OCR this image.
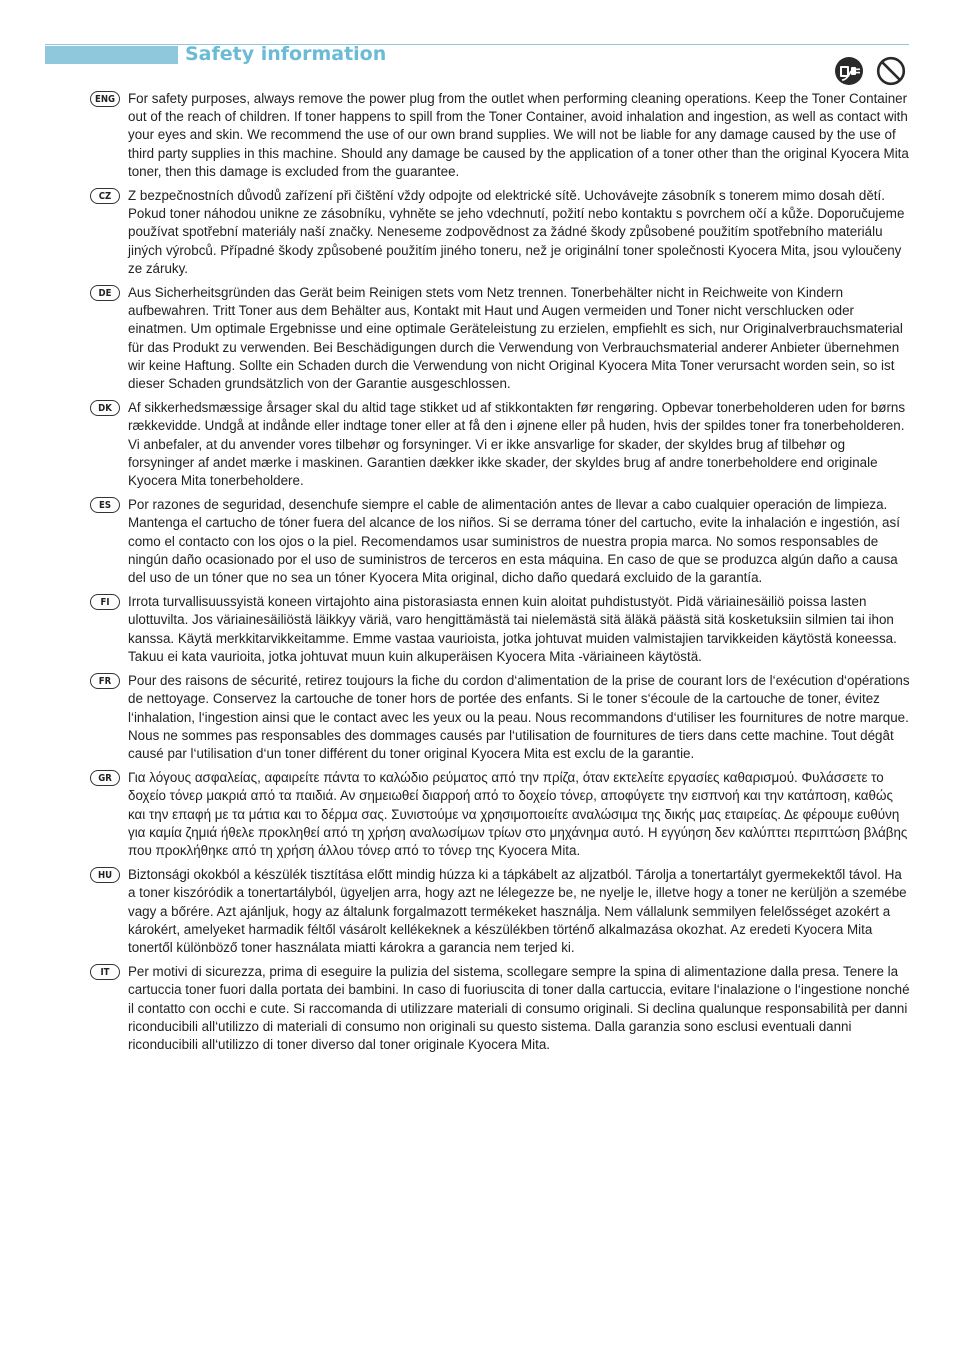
Safety information
ENG For safety purposes, always remove the power plug from the outlet when performing cleaning operations. Keep the Toner Container out of the reach of children. If toner happens to spill from the Toner Container, avoid inhalation and ingestion, as well as contact with your eyes and skin. We recommend the use of our own brand supplies. We will not be liable for any damage caused by the use of third party supplies in this machine. Should any damage be caused by the application of a toner other than the original Kyocera Mita toner, then this damage is excluded from the guarantee.

CZ	Z bezpečnostních důvodů zařízení při čištění vždy odpojte od elektrické sítě. Uchovávejte zásobník s tonerem mimo dosah dětí. Pokud toner náhodou unikne ze zásobníku, vyhněte se jeho vdechnutí, požití nebo kontaktu s povrchem očí a kůže. Doporučujeme používat spotřební materiály naší značky. Neneseme zodpovědnost za žádné škody způsobené použitím spotřebního materiálu jiných výrobců. Případné škody způsobené použitím jiného toneru, než je originální toner společnosti Kyocera Mita, jsou vyloučeny ze záruky.

DE	Aus Sicherheitsgründen das Gerät beim Reinigen stets vom Netz trennen. Tonerbehälter nicht in Reichweite von Kindern aufbewahren. Tritt Toner aus dem Behälter aus, Kontakt mit Haut und Augen vermeiden und Toner nicht verschlucken oder einatmen. Um optimale Ergebnisse und eine optimale Geräteleistung zu erzielen, empfiehlt es sich, nur Originalverbrauchsmaterial für das Produkt zu verwenden. Bei Beschädigungen durch die Verwendung von Verbrauchsmaterial anderer Anbieter übernehmen wir keine Haftung. Sollte ein Schaden durch die Verwendung von nicht Original Kyocera Mita Toner verursacht worden sein, so ist dieser Schaden grundsätzlich von der Garantie ausgeschlossen.

DK	Af sikkerhedsmæssige årsager skal du altid tage stikket ud af stikkontakten før rengøring. Opbevar tonerbeholderen uden for børns rækkevidde. Undgå at indånde eller indtage toner eller at få den i øjnene eller på huden, hvis der spildes toner fra tonerbeholderen. Vi anbefaler, at du anvender vores tilbehør og forsyninger. Vi er ikke ansvarlige for skader, der skyldes brug af tilbehør og forsyninger af andet mærke i maskinen. Garantien dækker ikke skader, der skyldes brug af andre tonerbeholdere end originale Kyocera Mita tonerbeholdere.

ES	Por razones de seguridad, desenchufe siempre el cable de alimentación antes de llevar a cabo cualquier operación de limpieza. Mantenga el cartucho de tóner fuera del alcance de los niños. Si se derrama tóner del cartucho, evite la inhalación e ingestión, así como el contacto con los ojos o la piel. Recomendamos usar suministros de nuestra propia marca. No somos responsables de ningún daño ocasionado por el uso de suministros de terceros en esta máquina. En caso de que se produzca algún daño a causa del uso de un tóner que no sea un tóner Kyocera Mita original, dicho daño quedará excluido de la garantía.

FI	Irrota turvallisuussyistä koneen virtajohto aina pistorasiasta ennen kuin aloitat puhdistustyöt. Pidä väriainesäiliö poissa lasten ulottuvilta. Jos väriainesäiliöstä läikkyy väriä, varo hengittämästä tai nielemästä sitä äläkä päästä sitä kosketuksiin silmien tai ihon kanssa. Käytä merkkitarvikkeitamme. Emme vastaa vaurioista, jotka johtuvat muiden valmistajien tarvikkeiden käytöstä koneessa. Takuu ei kata vaurioita, jotka johtuvat muun kuin alkuperäisen Kyocera Mita -väriaineen käytöstä.

FR	Pour des raisons de sécurité, retirez toujours la fiche du cordon d‘alimentation de la prise de courant lors de l‘exécution d‘opérations de nettoyage. Conservez la cartouche de toner hors de portée des enfants. Si le toner s‘écoule de la cartouche de toner, évitez l‘inhalation, l‘ingestion ainsi que le contact avec les yeux ou la peau. Nous recommandons d‘utiliser les fournitures de notre marque. Nous ne sommes pas responsables des dommages causés par l‘utilisation de fournitures de tiers dans cette machine. Tout dégât causé par l‘utilisation d‘un toner différent du toner original Kyocera Mita est exclu de la garantie.

GR	Για λόγους ασφαλείας, αφαιρείτε πάντα το καλώδιο ρεύματος από την πρίζα, όταν εκτελείτε εργασίες καθαρισμού. Φυλάσσετε το δοχείο τόνερ μακριά από τα παιδιά. Αν σημειωθεί διαρροή από το δοχείο τόνερ, αποφύγετε την εισπνοή και την κατάποση, καθώς και την επαφή με τα μάτια και το δέρμα σας. Συνιστούμε να χρησιμοποιείτε αναλώσιμα της δικής μας εταιρείας. Δε φέρουμε ευθύνη για καμία ζημιά ήθελε προκληθεί από τη χρήση αναλωσίμων τρίων στο μηχάνημα αυτό. Η εγγύηση δεν καλύπτει περιπτώση βλάβης που προκλήθηκε από τη χρήση άλλου τόνερ από το τόνερ της Kyocera Mita.

HU	Biztonsági okokból a készülék tisztítása előtt mindig húzza ki a tápkábelt az aljzatból. Tárolja a tonertartályt gyermekektől távol. Ha a toner kiszóródik a tonertartályból, ügyeljen arra, hogy azt ne lélegezze be, ne nyelje le, illetve hogy a toner ne kerüljön a szemébe vagy a bőrére. Azt ajánljuk, hogy az általunk forgalmazott termékeket használja. Nem vállalunk semmilyen felelősséget azokért a károkért, amelyeket harmadik féltől vásárolt kellékeknek a készülékben történő alkalmazása okozhat. Az eredeti Kyocera Mita tonertől különböző toner használata miatti károkra a garancia nem terjed ki.

IT	Per motivi di sicurezza, prima di eseguire la pulizia del sistema, scollegare sempre la spina di alimentazione dalla presa. Tenere la cartuccia toner fuori dalla portata dei bambini. In caso di fuoriuscita di toner dalla cartuccia, evitare l‘inalazione o l‘ingestione nonché il contatto con occhi e cute. Si raccomanda di utilizzare materiali di consumo originali. Si declina qualunque responsabilità per danni riconducibili all‘utilizzo di materiali di consumo non originali su questo sistema. Dalla garanzia sono esclusi eventuali danni riconducibili all‘utilizzo di toner diverso dal toner originale Kyocera Mita.
